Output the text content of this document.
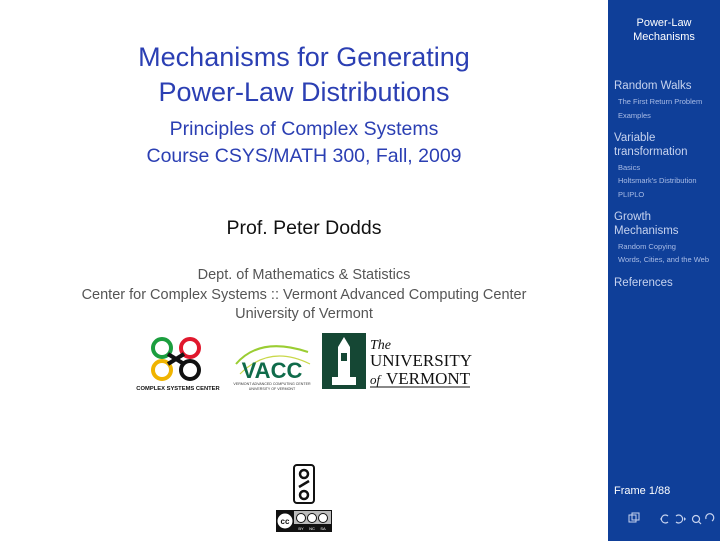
Mechanisms for Generating
Power-Law Distributions
Principles of Complex Systems
Course CSYS/MATH 300, Fall, 2009
Prof. Peter Dodds
Dept. of Mathematics & Statistics
Center for Complex Systems :: Vermont Advanced Computing Center
University of Vermont
COMPLEX SYSTEMS CENTER
VACC
VERMONT ADVANCED COMPUTING CENTER
UNIVERSITY OF VERMONT
The
UNIVERSITY
of VERMONT
cc
BY NC SA
Power-Law
Mechanisms
Random Walks
The First Return Problem
Examples
Variable
transformation
Basics
Holtsmark's Distribution
PLIPLO
Growth
Mechanisms
Random Copying
Words, Cities, and the Web
References
Frame 1/88
